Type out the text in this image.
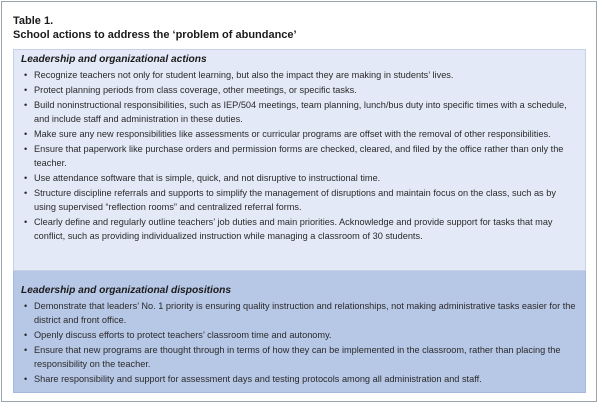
Table 1.
School actions to address the ‘problem of abundance’
Leadership and organizational actions
• Recognize teachers not only for student learning, but also the impact they are making in students’ lives.
• Protect planning periods from class coverage, other meetings, or specific tasks.
• Build noninstructional responsibilities, such as IEP/504 meetings, team planning, lunch/bus duty into specific times with a schedule, and include staff and administration in these duties.
• Make sure any new responsibilities like assessments or curricular programs are offset with the removal of other responsibilities.
• Ensure that paperwork like purchase orders and permission forms are checked, cleared, and filed by the office rather than only the teacher.
• Use attendance software that is simple, quick, and not disruptive to instructional time.
• Structure discipline referrals and supports to simplify the management of disruptions and maintain focus on the class, such as by using supervised “reflection rooms” and centralized referral forms.
• Clearly define and regularly outline teachers’ job duties and main priorities. Acknowledge and provide support for tasks that may conflict, such as providing individualized instruction while managing a classroom of 30 students.
Leadership and organizational dispositions
• Demonstrate that leaders’ No. 1 priority is ensuring quality instruction and relationships, not making administrative tasks easier for the district and front office.
• Openly discuss efforts to protect teachers’ classroom time and autonomy.
• Ensure that new programs are thought through in terms of how they can be implemented in the classroom, rather than placing the responsibility on the teacher.
• Share responsibility and support for assessment days and testing protocols among all administration and staff.
